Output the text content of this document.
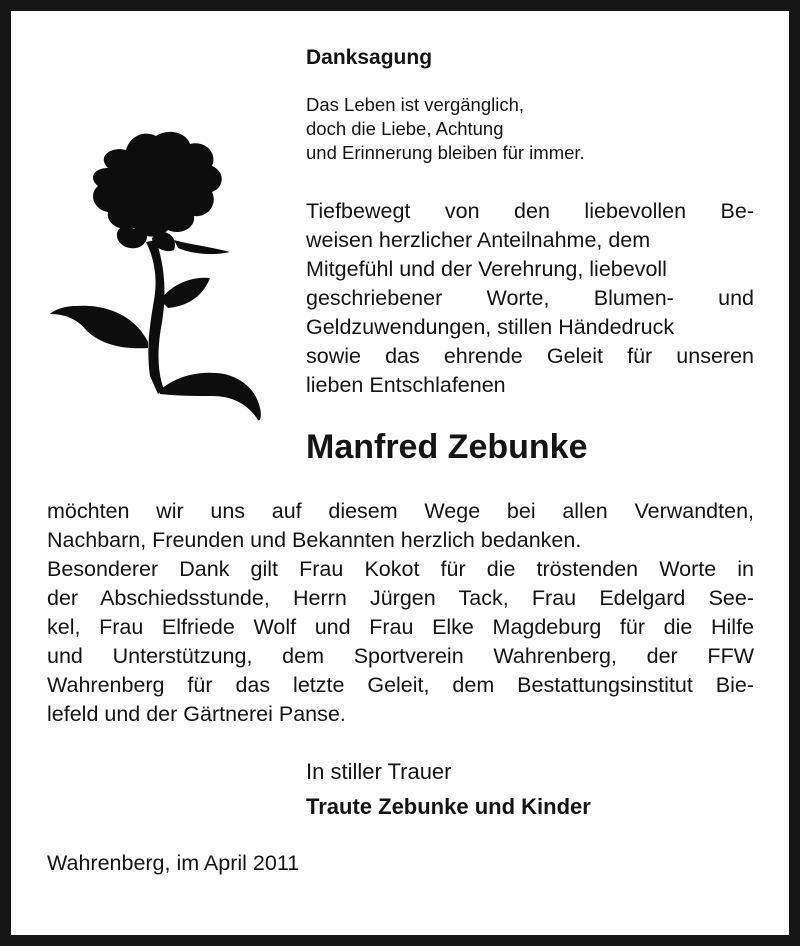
Danksagung

Das Leben ist vergänglich,
doch die Liebe, Achtung
und Erinnerung bleiben für immer.

Tiefbewegt von den liebevollen Be-
weisen herzlicher Anteilnahme, dem
Mitgefühl und der Verehrung, liebevoll
geschriebener Worte, Blumen- und
Geldzuwendungen, stillen Händedruck
sowie das ehrende Geleit für unseren
lieben Entschlafenen

Manfred Zebunke

möchten wir uns auf diesem Wege bei allen Verwandten,
Nachbarn, Freunden und Bekannten herzlich bedanken.
Besonderer Dank gilt Frau Kokot für die tröstenden Worte in
der Abschiedsstunde, Herrn Jürgen Tack, Frau Edelgard See-
kel, Frau Elfriede Wolf und Frau Elke Magdeburg für die Hilfe
und Unterstützung, dem Sportverein Wahrenberg, der FFW
Wahrenberg für das letzte Geleit, dem Bestattungsinstitut Bie-
lefeld und der Gärtnerei Panse.

In stiller Trauer

Traute Zebunke und Kinder

Wahrenberg, im April 2011
